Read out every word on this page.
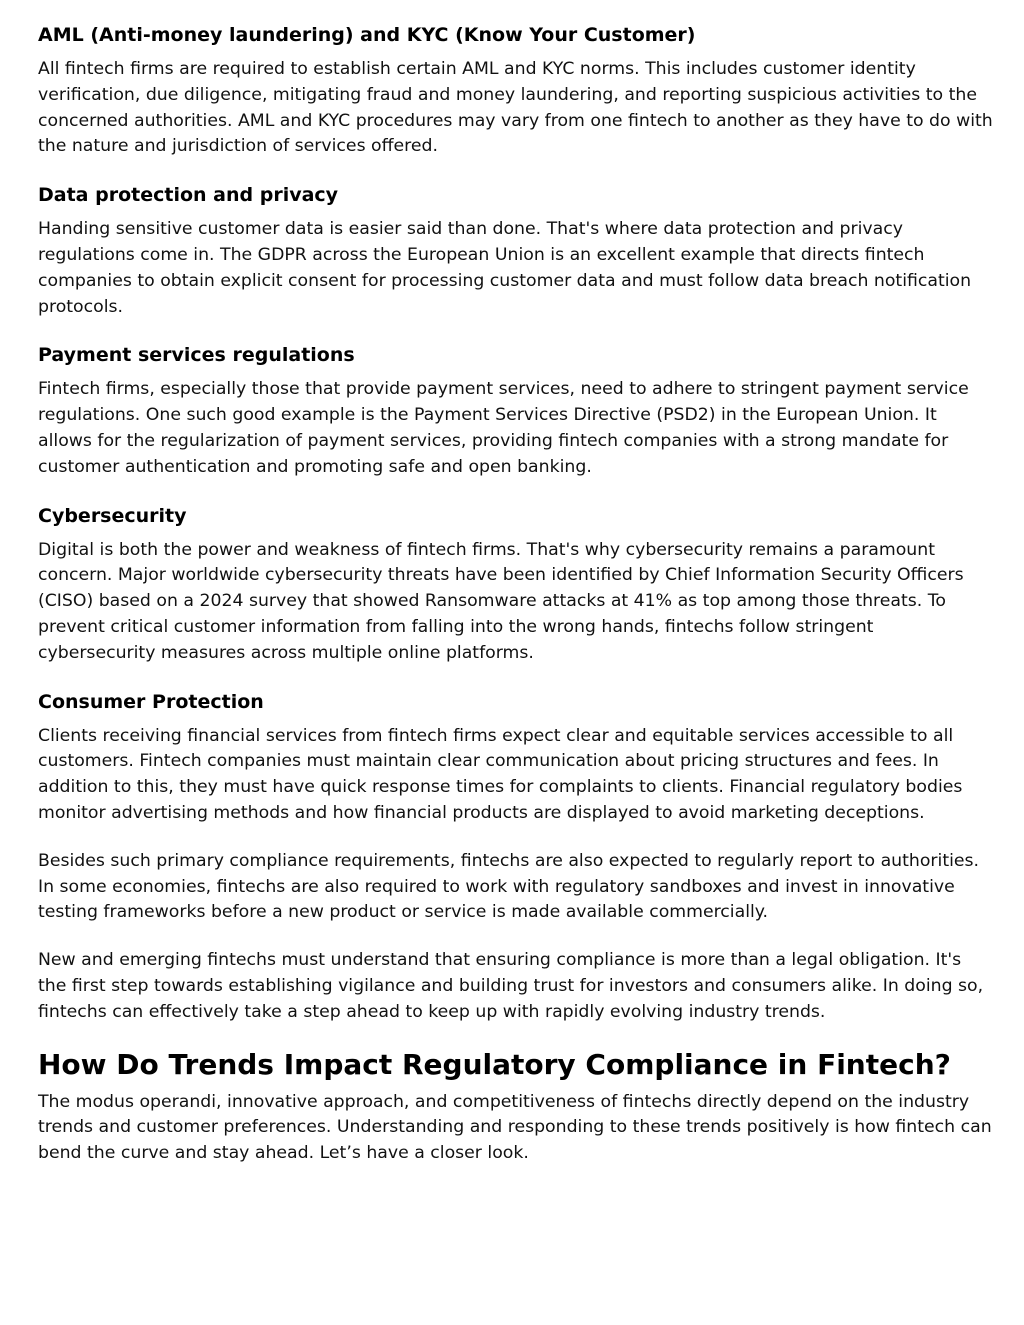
AML (Anti-money laundering) and KYC (Know Your Customer)

All fintech firms are required to establish certain AML and KYC norms. This includes customer identity verification, due diligence, mitigating fraud and money laundering, and reporting suspicious activities to the concerned authorities. AML and KYC procedures may vary from one fintech to another as they have to do with the nature and jurisdiction of services offered.

Data protection and privacy

Handing sensitive customer data is easier said than done. That's where data protection and privacy regulations come in. The GDPR across the European Union is an excellent example that directs fintech companies to obtain explicit consent for processing customer data and must follow data breach notification protocols.

Payment services regulations

Fintech firms, especially those that provide payment services, need to adhere to stringent payment service regulations. One such good example is the Payment Services Directive (PSD2) in the European Union. It allows for the regularization of payment services, providing fintech companies with a strong mandate for customer authentication and promoting safe and open banking.

Cybersecurity

Digital is both the power and weakness of fintech firms. That's why cybersecurity remains a paramount concern. Major worldwide cybersecurity threats have been identified by Chief Information Security Officers (CISO) based on a 2024 survey that showed Ransomware attacks at 41% as top among those threats. To prevent critical customer information from falling into the wrong hands, fintechs follow stringent cybersecurity measures across multiple online platforms.

Consumer Protection

Clients receiving financial services from fintech firms expect clear and equitable services accessible to all customers. Fintech companies must maintain clear communication about pricing structures and fees. In addition to this, they must have quick response times for complaints to clients. Financial regulatory bodies monitor advertising methods and how financial products are displayed to avoid marketing deceptions.

Besides such primary compliance requirements, fintechs are also expected to regularly report to authorities. In some economies, fintechs are also required to work with regulatory sandboxes and invest in innovative testing frameworks before a new product or service is made available commercially.

New and emerging fintechs must understand that ensuring compliance is more than a legal obligation. It's the first step towards establishing vigilance and building trust for investors and consumers alike. In doing so, fintechs can effectively take a step ahead to keep up with rapidly evolving industry trends.

How Do Trends Impact Regulatory Compliance in Fintech?

The modus operandi, innovative approach, and competitiveness of fintechs directly depend on the industry trends and customer preferences. Understanding and responding to these trends positively is how fintech can bend the curve and stay ahead. Let’s have a closer look.
